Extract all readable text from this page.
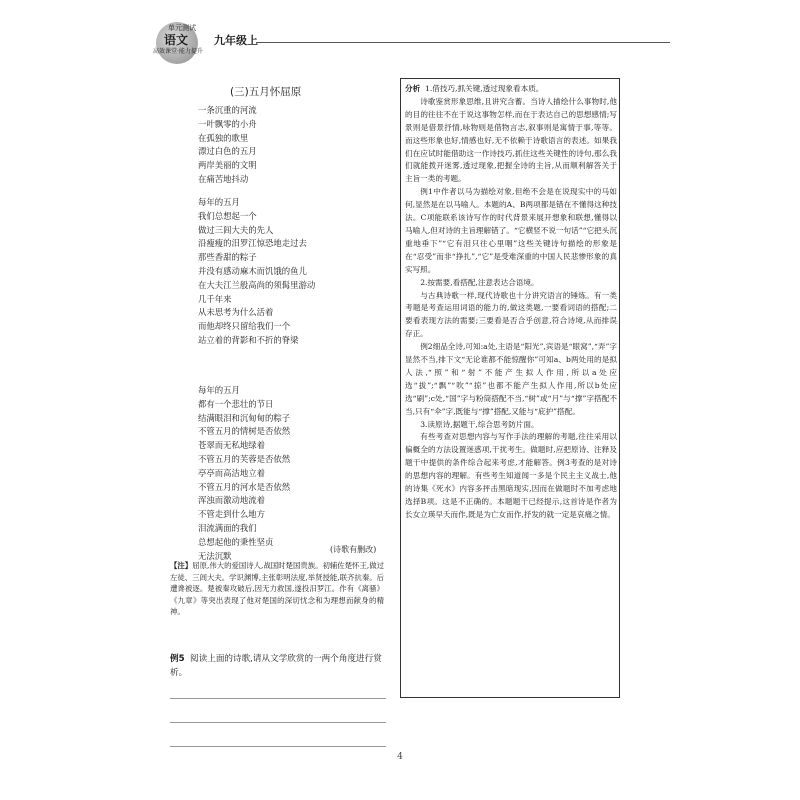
单元测试
语文
高效课堂·能力提升
九年级上
(三)五月怀屈原
一条沉重的河流
一叶飘零的小舟
在孤独的歌里
漂过白色的五月
两岸美丽的文明
在痛苦地抖动
每年的五月
我们总想起一个
做过三闾大夫的先人
沿瘦瘦的汨罗江惊恐地走过去
那些香甜的粽子
并没有感动麻木而饥饿的鱼儿
在大夫江兰般高尚的须髯里游动
几千年来
从未思考为什么活着
而他却终只留给我们一个
站立着的背影和不折的脊梁
每年的五月
都有一个悲壮的节日
结满眼泪和沉甸甸的粽子
不管五月的情树是否依然
苍翠而无私地绿着
不管五月的芙蓉是否依然
亭亭而高洁地立着
不管五月的河水是否依然
浑浊而激动地流着
不管走到什么地方
泪流满面的我们
总想起他的秉性坚贞
无法沉默
(诗歌有删改)
【注】屈原,伟大的爱国诗人,战国时楚国贵族。初辅佐楚怀王,做过左徒、三闾大夫。学识渊博,主张彰明法度,举贤授能,联齐抗秦。后遭谗被逐。楚被秦攻破后,因无力救国,遂投汨罗江。作有《离骚》《九章》等突出表现了他对楚国的深切忧念和为理想而献身的精神。
例5 阅读上面的诗歌,请从文学欣赏的一两个角度进行赏析。

分析 1.借技巧,抓关键,透过现象看本质。

诗歌鉴赏形象思维,且讲究含蓄。当诗人描绘什么事物时,他的目的往往不在于说这事物怎样,而在于表达自己的思想感情;写景则是借景抒情,咏物则是借物言志,叙事则是寓情于事,等等。而这些形象也好,情感也好,无不依赖于诗歌语言的表述。如果我们在应试时能借助这一作诗技巧,抓住这些关键性的诗句,那么我们就能拨开迷雾,透过现象,把握全诗的主旨,从而顺利解答关于主旨一类的考题。

例1中作者以马为描绘对象,但绝不会是在说现实中的马如何,显然是在以马喻人。本题的A、B两项都是错在不懂得这种技法。C项能联系该诗写作的时代背景来展开想象和联想,懂得以马喻人,但对诗的主旨理解错了。“它横竖不说一句话”“它把头沉重地垂下”“它有泪只往心里咽”这些关键诗句描绘的形象是在“忍受”而非“挣扎”,“它”是受难深重的中国人民悲惨形象的真实写照。

2.按需要,看搭配,注意表达合语境。

与古典诗歌一样,现代诗歌也十分讲究语言的锤炼。有一类考题是考查运用词语的能力的,做这类题,一要看词语的搭配;二要看表现方法的需要;三要看是否合乎创意,符合诗境,从而排误存正。

例2细品全诗,可知:a处,主语是“阳光”,宾语是“眼窝”,“弄”字显然不当,排下文“无论谁都不能惊醒你”可知a、b两处用的是拟人法,“照”和“射”不能产生拟人作用,所以a处应选“拔”;“飘”“吹”“掠”也都不能产生拟人作用,所以b处应选“刷”;c处,“国”字与粉筒搭配不当,“树”或“月”与“撑”字搭配不当,只有“伞”字,既能与“撑”搭配,又能与“庇护”搭配。

3.读原诗,据题干,综合思考防片面。

有些考查对思想内容与写作手法的理解的考题,往往采用以偏概全的方法设置迷惑项,干扰考生。做题时,应把原诗、注释及题干中提供的条件综合起来考虑,才能解答。例3考查的是对诗的思想内容的理解。有些考生知道闻一多是个民主主义战士,他的诗集《死水》内容多抨击黑暗现实,因而在做题时不加考虑地选择B项。这是不正确的。本题题干已经提示,这首诗是作者为长女立瑛早夭而作,既是为亡女而作,抒发的就一定是哀痛之情。

4
